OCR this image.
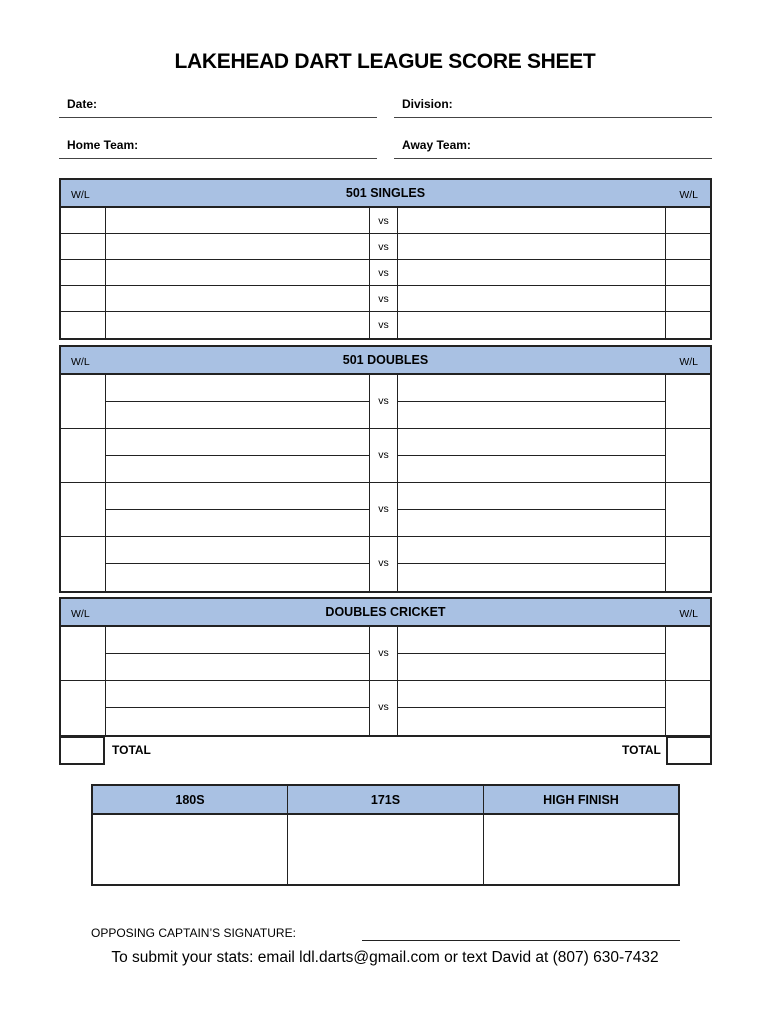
LAKEHEAD DART LEAGUE SCORE SHEET
Date:	Division:
Home Team:	Away Team:
W/L	501 SINGLES	W/L
vs
vs
vs
vs
vs
W/L	501 DOUBLES	W/L
vs
vs
vs
vs
W/L	DOUBLES CRICKET	W/L
vs
vs
TOTAL	TOTAL
180S	171S	HIGH FINISH
OPPOSING CAPTAIN’S SIGNATURE:
To submit your stats: email ldl.darts@gmail.com or text David at (807) 630-7432
